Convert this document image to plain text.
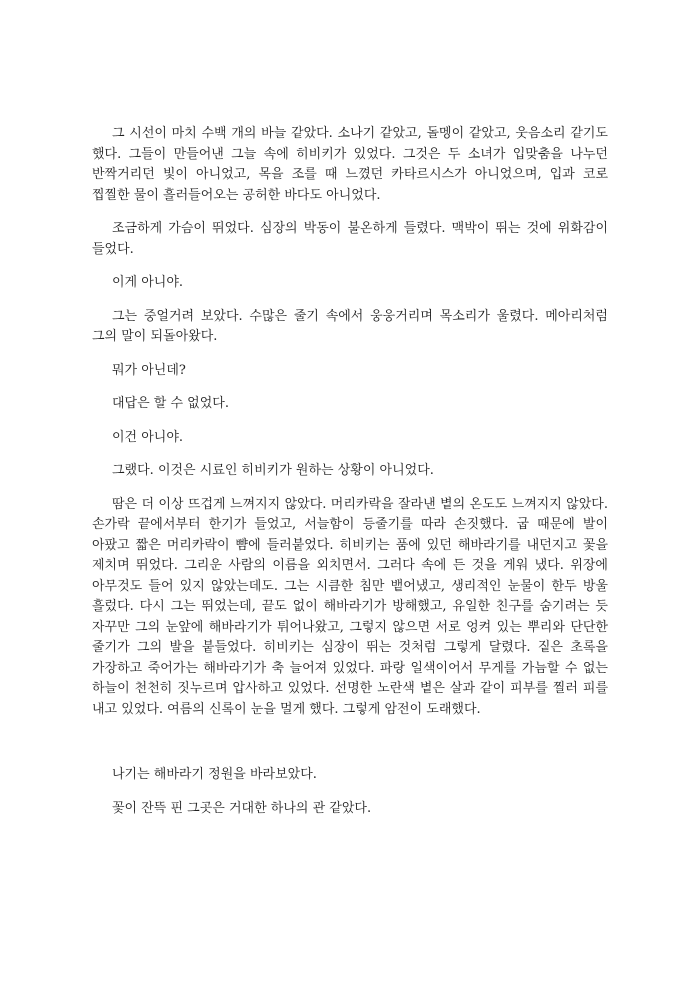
그 시선이 마치 수백 개의 바늘 같았다. 소나기 같았고, 돌멩이 같았고, 웃음소리 같기도 했다. 그들이 만들어낸 그늘 속에 히비키가 있었다. 그것은 두 소녀가 입맞춤을 나누던 반짝거리던 빛이 아니었고, 목을 조를 때 느꼈던 카타르시스가 아니었으며, 입과 코로 찝찔한 물이 흘러들어오는 공허한 바다도 아니었다.

조금하게 가슴이 뛰었다. 심장의 박동이 불온하게 들렸다. 맥박이 뛰는 것에 위화감이 들었다.

이게 아니야.

그는 중얼거려 보았다. 수많은 줄기 속에서 웅웅거리며 목소리가 울렸다. 메아리처럼 그의 말이 되돌아왔다.

뭐가 아닌데?

대답은 할 수 없었다.

이건 아니야.

그랬다. 이것은 시료인 히비키가 원하는 상황이 아니었다.

땀은 더 이상 뜨겁게 느껴지지 않았다. 머리카락을 잘라낸 볕의 온도도 느껴지지 않았다. 손가락 끝에서부터 한기가 들었고, 서늘함이 등줄기를 따라 손짓했다. 굽 때문에 발이 아팠고 짧은 머리카락이 뺨에 들러붙었다. 히비키는 품에 있던 해바라기를 내던지고 꽃을 제치며 뛰었다. 그리운 사람의 이름을 외치면서. 그러다 속에 든 것을 게워 냈다. 위장에 아무것도 들어 있지 않았는데도. 그는 시큼한 침만 뱉어냈고, 생리적인 눈물이 한두 방울 흘렀다. 다시 그는 뛰었는데, 끝도 없이 해바라기가 방해했고, 유일한 친구를 숨기려는 듯 자꾸만 그의 눈앞에 해바라기가 튀어나왔고, 그렇지 않으면 서로 엉켜 있는 뿌리와 단단한 줄기가 그의 발을 붙들었다. 히비키는 심장이 뛰는 것처럼 그렇게 달렸다. 짙은 초록을 가장하고 죽어가는 해바라기가 축 늘어져 있었다. 파랑 일색이어서 무게를 가늠할 수 없는 하늘이 천천히 짓누르며 압사하고 있었다. 선명한 노란색 볕은 살과 같이 피부를 찔러 피를 내고 있었다. 여름의 신록이 눈을 멀게 했다. 그렇게 암전이 도래했다.

나기는 해바라기 정원을 바라보았다.

꽃이 잔뜩 핀 그곳은 거대한 하나의 관 같았다.
